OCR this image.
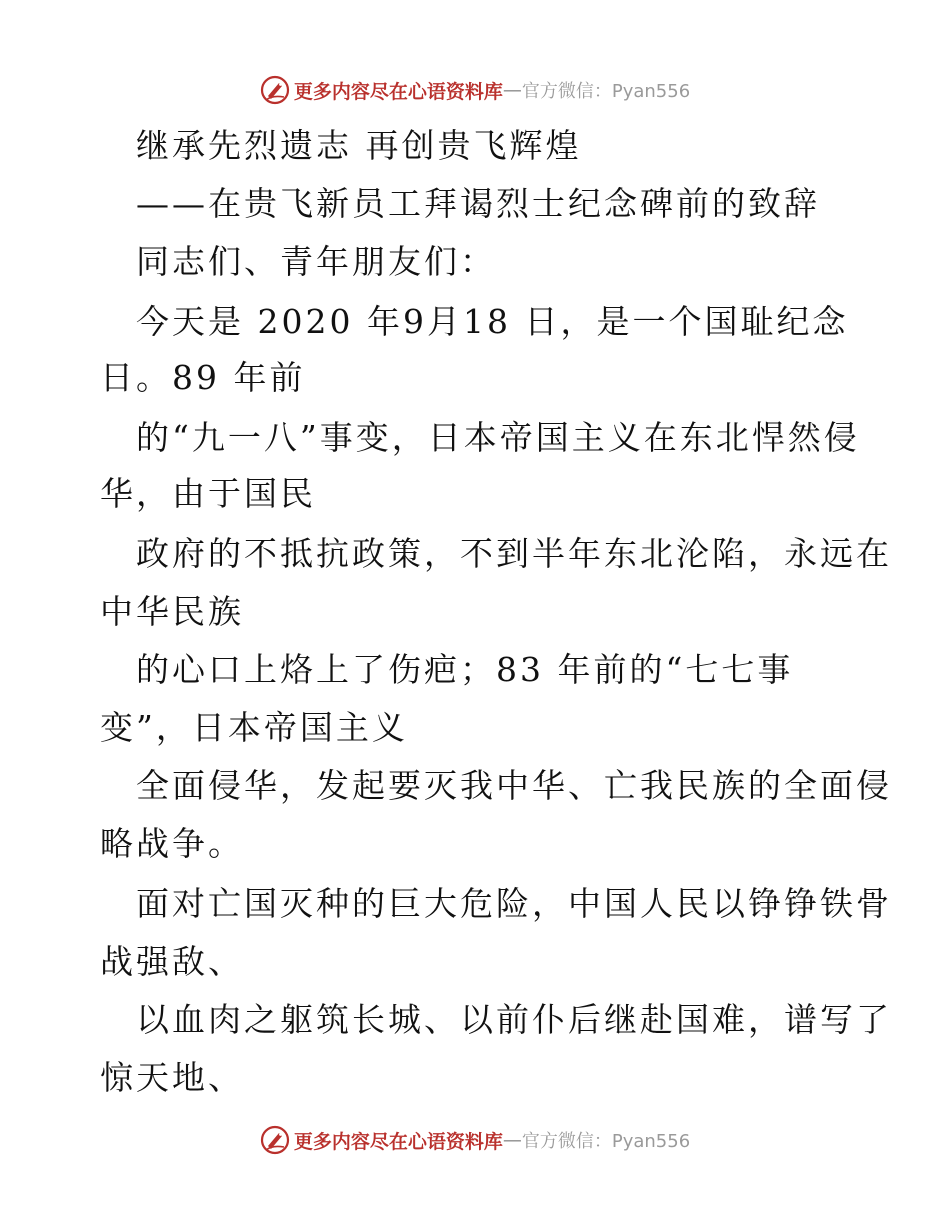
更多内容尽在心语资料库 — 官方微信：Pyan556
继承先烈遗志 再创贵飞辉煌
——在贵飞新员工拜谒烈士纪念碑前的致辞
同志们、青年朋友们：
今天是 2020 年9月18 日，是一个国耻纪念
日。89 年前
的“九一八”事变，日本帝国主义在东北悍然侵
华，由于国民
政府的不抵抗政策，不到半年东北沦陷，永远在
中华民族
的心口上烙上了伤疤；83 年前的“七七事
变”，日本帝国主义
全面侵华，发起要灭我中华、亡我民族的全面侵
略战争。
面对亡国灭种的巨大危险，中国人民以铮铮铁骨
战强敌、
以血肉之躯筑长城、以前仆后继赴国难，谱写了
惊天地、
更多内容尽在心语资料库 — 官方微信：Pyan556
